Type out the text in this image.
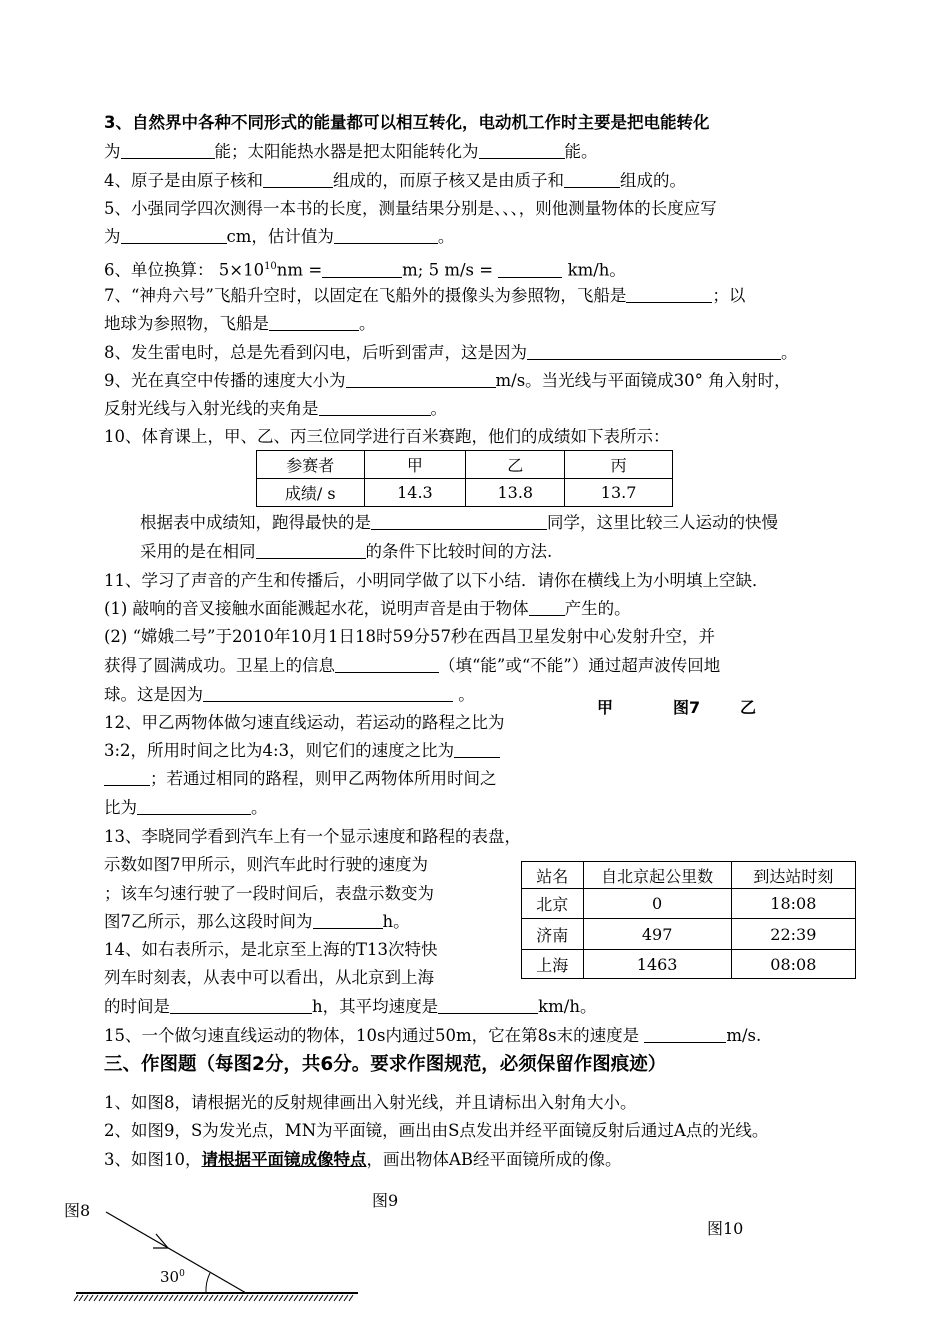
3、自然界中各种不同形式的能量都可以相互转化，电动机工作时主要是把电能转化
为	能；太阳能热水器是把太阳能转化为	能。
4、原子是由原子核和	组成的，而原子核又是由质子和	组成的。
5、小强同学四次测得一本书的长度，测量结果分别是、、、，则他测量物体的长度应写
为	cm，估计值为	。
6、单位换算： $5\times 10^{10}nm$ =	m; 5 m/s =	km/h。
7、“神舟六号”飞船升空时，以固定在飞船外的摄像头为参照物，飞船是	；以
地球为参照物，飞船是	。
8、发生雷电时，总是先看到闪电，后听到雷声，这是因为	。
9、光在真空中传播的速度大小为	m/s。当光线与平面镜成30° 角入射时，
反射光线与入射光线的夹角是	。
10、体育课上，甲、乙、丙三位同学进行百米赛跑，他们的成绩如下表所示：
参赛者	甲	乙	丙
成绩/ s	14.3	13.8	13.7
根据表中成绩知，跑得最快的是	同学，这里比较三人运动的快慢
采用的是在相同	的条件下比较时间的方法.
11、学习了声音的产生和传播后，小明同学做了以下小结．请你在横线上为小明填上空缺．
(1) 敲响的音叉接触水面能溅起水花，说明声音是由于物体 产生的。
(2) “嫦娥二号”于2010年10月1日18时59分57秒在西昌卫星发射中心发射升空，并
获得了圆满成功。卫星上的信息	（填“能”或“不能”）通过超声波传回地
球。这是因为	。
甲	图7 乙
12、甲乙两物体做匀速直线运动，若运动的路程之比为
3:2，所用时间之比为4:3，则它们的速度之比为
；若通过相同的路程，则甲乙两物体所用时间之
比为	。
13、李晓同学看到汽车上有一个显示速度和路程的表盘，
示数如图7甲所示，则汽车此时行驶的速度为
；该车匀速行驶了一段时间后，表盘示数变为
图7乙所示，那么这段时间为	h。
站名	自北京起公里数	到达站时刻
北京	0	18:08
济南	497	22:39
上海	1463	08:08
14、如右表所示，是北京至上海的T13次特快
列车时刻表，从表中可以看出，从北京到上海
的时间是	h，其平均速度是	km/h。
15、一个做匀速直线运动的物体，10s内通过50m，它在第8s末的速度是	m/s.
三、作图题（每图2分，共6分。要求作图规范，必须保留作图痕迹）
1、如图8，请根据光的反射规律画出入射光线，并且请标出入射角大小。
2、如图9，S为发光点，MN为平面镜，画出由S点发出并经平面镜反射后通过A点的光线。
3、如图10，请根据平面镜成像特点，画出物体AB经平面镜所成的像。
图8
图9
图10
$30^0$
